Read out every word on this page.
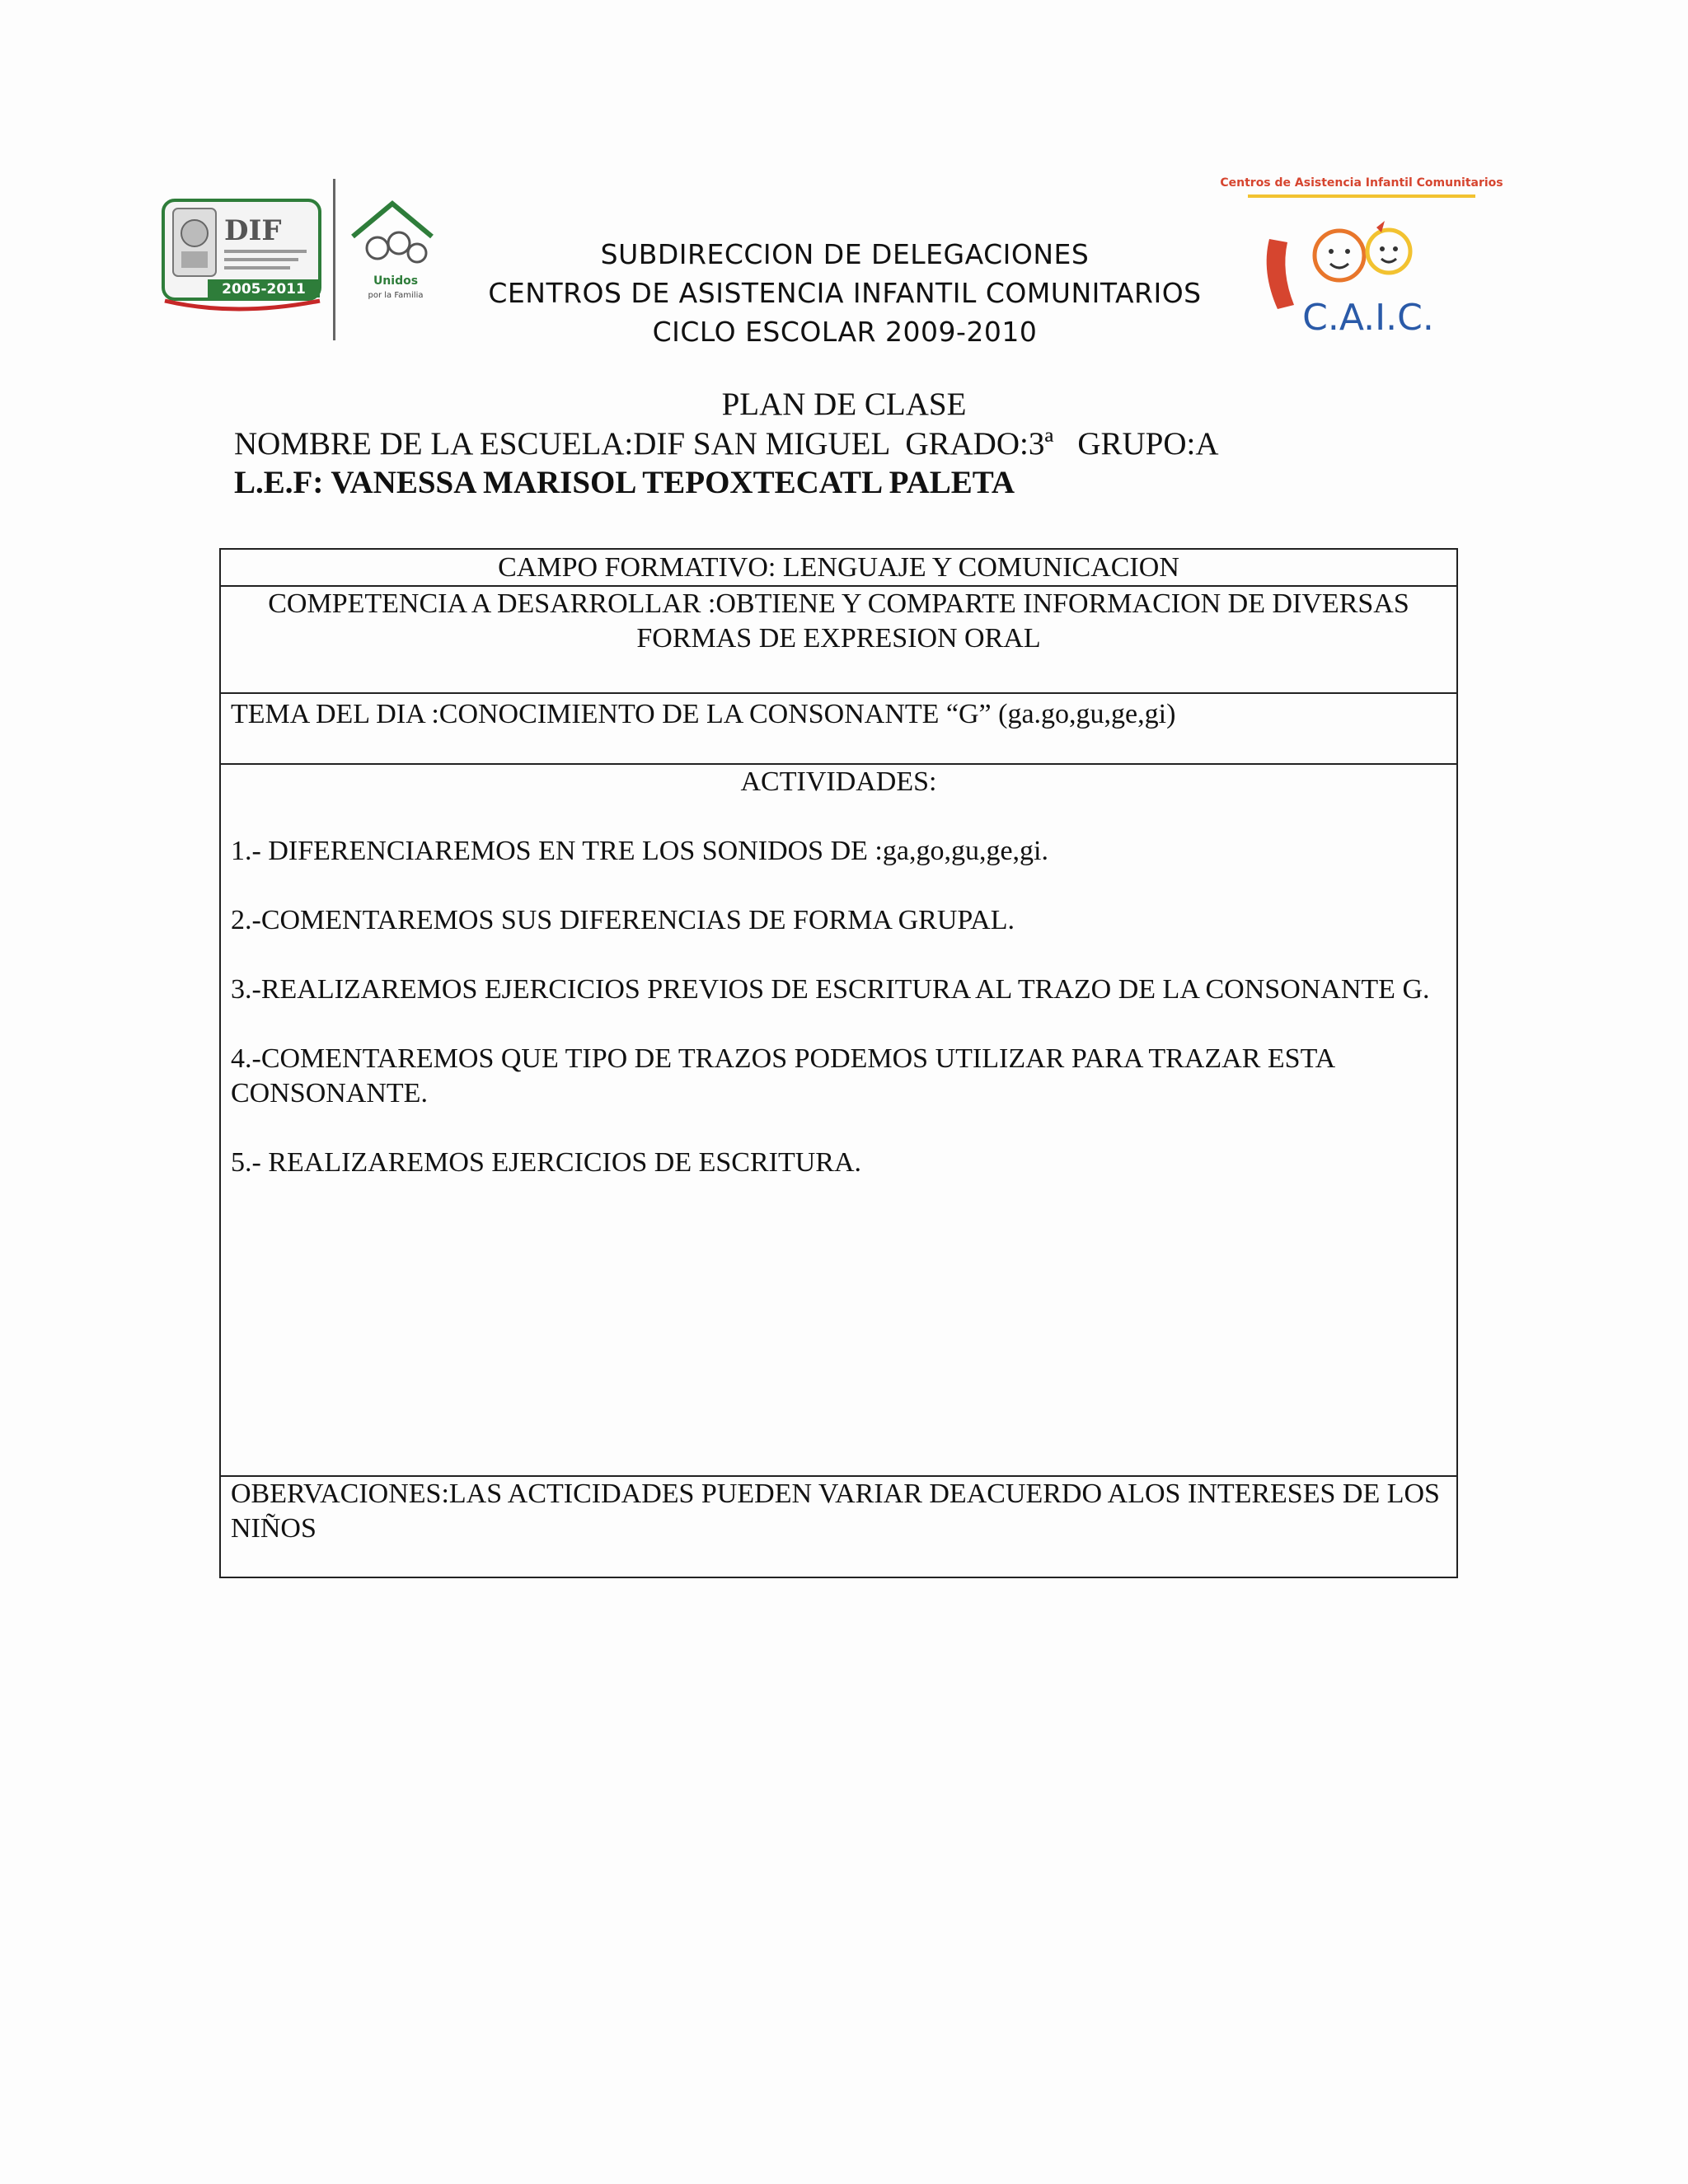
DIF
2005-2011	Unidos
por la Familia
SUBDIRECCION DE DELEGACIONES
CENTROS DE ASISTENCIA INFANTIL COMUNITARIOS
CICLO ESCOLAR 2009-2010
Centros de Asistencia Infantil Comunitarios
C.A.I.C.
PLAN DE CLASE
NOMBRE DE LA ESCUELA:DIF SAN MIGUEL  GRADO:3ª   GRUPO:A
L.E.F: VANESSA MARISOL TEPOXTECATL PALETA
CAMPO FORMATIVO: LENGUAJE Y COMUNICACION
COMPETENCIA A DESARROLLAR :OBTIENE Y COMPARTE INFORMACION DE DIVERSAS FORMAS DE EXPRESION ORAL
TEMA DEL DIA :CONOCIMIENTO DE LA CONSONANTE “G” (ga.go,gu,ge,gi)
ACTIVIDADES:
1.- DIFERENCIAREMOS EN TRE LOS SONIDOS DE :ga,go,gu,ge,gi.
2.-COMENTAREMOS SUS DIFERENCIAS DE FORMA GRUPAL.
3.-REALIZAREMOS EJERCICIOS PREVIOS DE ESCRITURA AL TRAZO DE LA CONSONANTE G.
4.-COMENTAREMOS QUE TIPO DE TRAZOS PODEMOS UTILIZAR PARA TRAZAR ESTA CONSONANTE.
5.- REALIZAREMOS EJERCICIOS DE ESCRITURA.
OBERVACIONES:LAS ACTICIDADES PUEDEN VARIAR DEACUERDO ALOS INTERESES DE LOS NIÑOS
